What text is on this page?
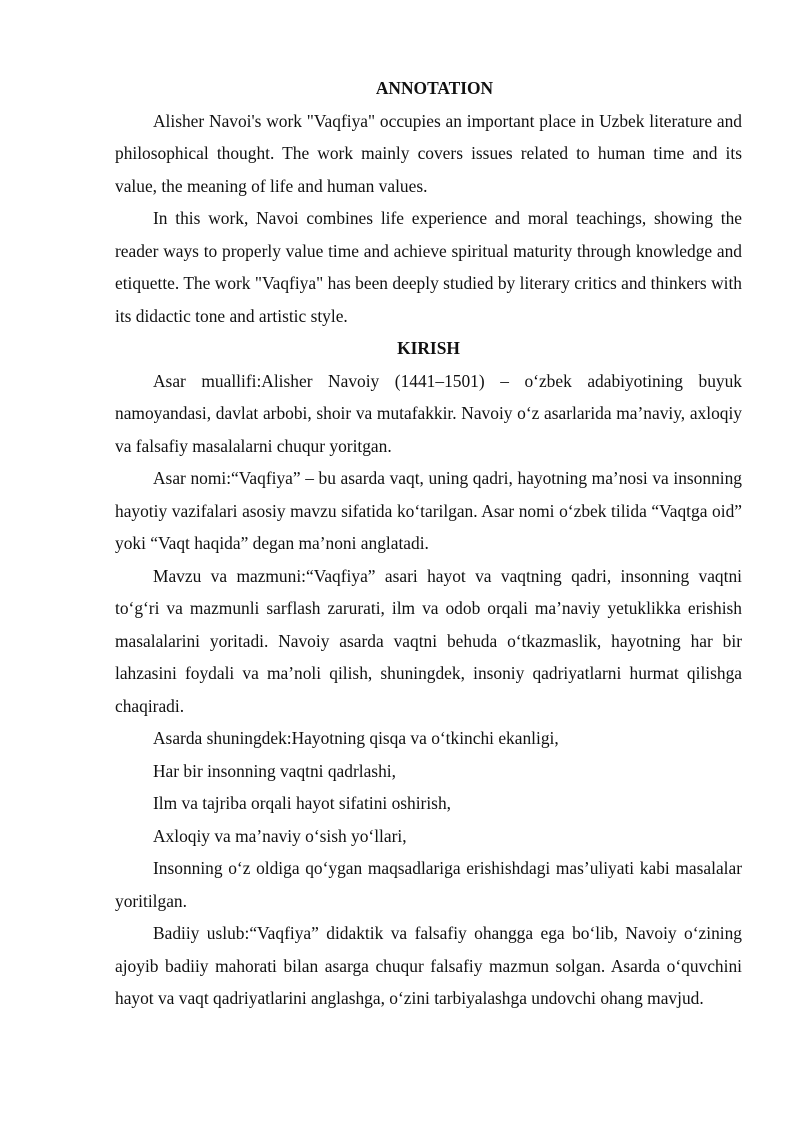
ANNOTATION

Alisher Navoi's work "Vaqfiya" occupies an important place in Uzbek literature and philosophical thought. The work mainly covers issues related to human time and its value, the meaning of life and human values.

In this work, Navoi combines life experience and moral teachings, showing the reader ways to properly value time and achieve spiritual maturity through knowledge and etiquette. The work "Vaqfiya" has been deeply studied by literary critics and thinkers with its didactic tone and artistic style.

KIRISH

Asar muallifi:Alisher Navoiy (1441–1501) – o‘zbek adabiyotining buyuk namoyandasi, davlat arbobi, shoir va mutafakkir. Navoiy o‘z asarlarida ma’naviy, axloqiy va falsafiy masalalarni chuqur yoritgan.

Asar nomi:“Vaqfiya” – bu asarda vaqt, uning qadri, hayotning ma’nosi va insonning hayotiy vazifalari asosiy mavzu sifatida ko‘tarilgan. Asar nomi o‘zbek tilida “Vaqtga oid” yoki “Vaqt haqida” degan ma’noni anglatadi.

Mavzu va mazmuni:“Vaqfiya” asari hayot va vaqtning qadri, insonning vaqtni to‘g‘ri va mazmunli sarflash zarurati, ilm va odob orqali ma’naviy yetuklikka erishish masalalarini yoritadi. Navoiy asarda vaqtni behuda o‘tkazmaslik, hayotning har bir lahzasini foydali va ma’noli qilish, shuningdek, insoniy qadriyatlarni hurmat qilishga chaqiradi.

Asarda shuningdek:Hayotning qisqa va o‘tkinchi ekanligi,

Har bir insonning vaqtni qadrlashi,

Ilm va tajriba orqali hayot sifatini oshirish,

Axloqiy va ma’naviy o‘sish yo‘llari,

Insonning o‘z oldiga qo‘ygan maqsadlariga erishishdagi mas’uliyati kabi masalalar yoritilgan.

Badiiy uslub:“Vaqfiya” didaktik va falsafiy ohangga ega bo‘lib, Navoiy o‘zining ajoyib badiiy mahorati bilan asarga chuqur falsafiy mazmun solgan. Asarda o‘quvchini hayot va vaqt qadriyatlarini anglashga, o‘zini tarbiyalashga undovchi ohang mavjud.
